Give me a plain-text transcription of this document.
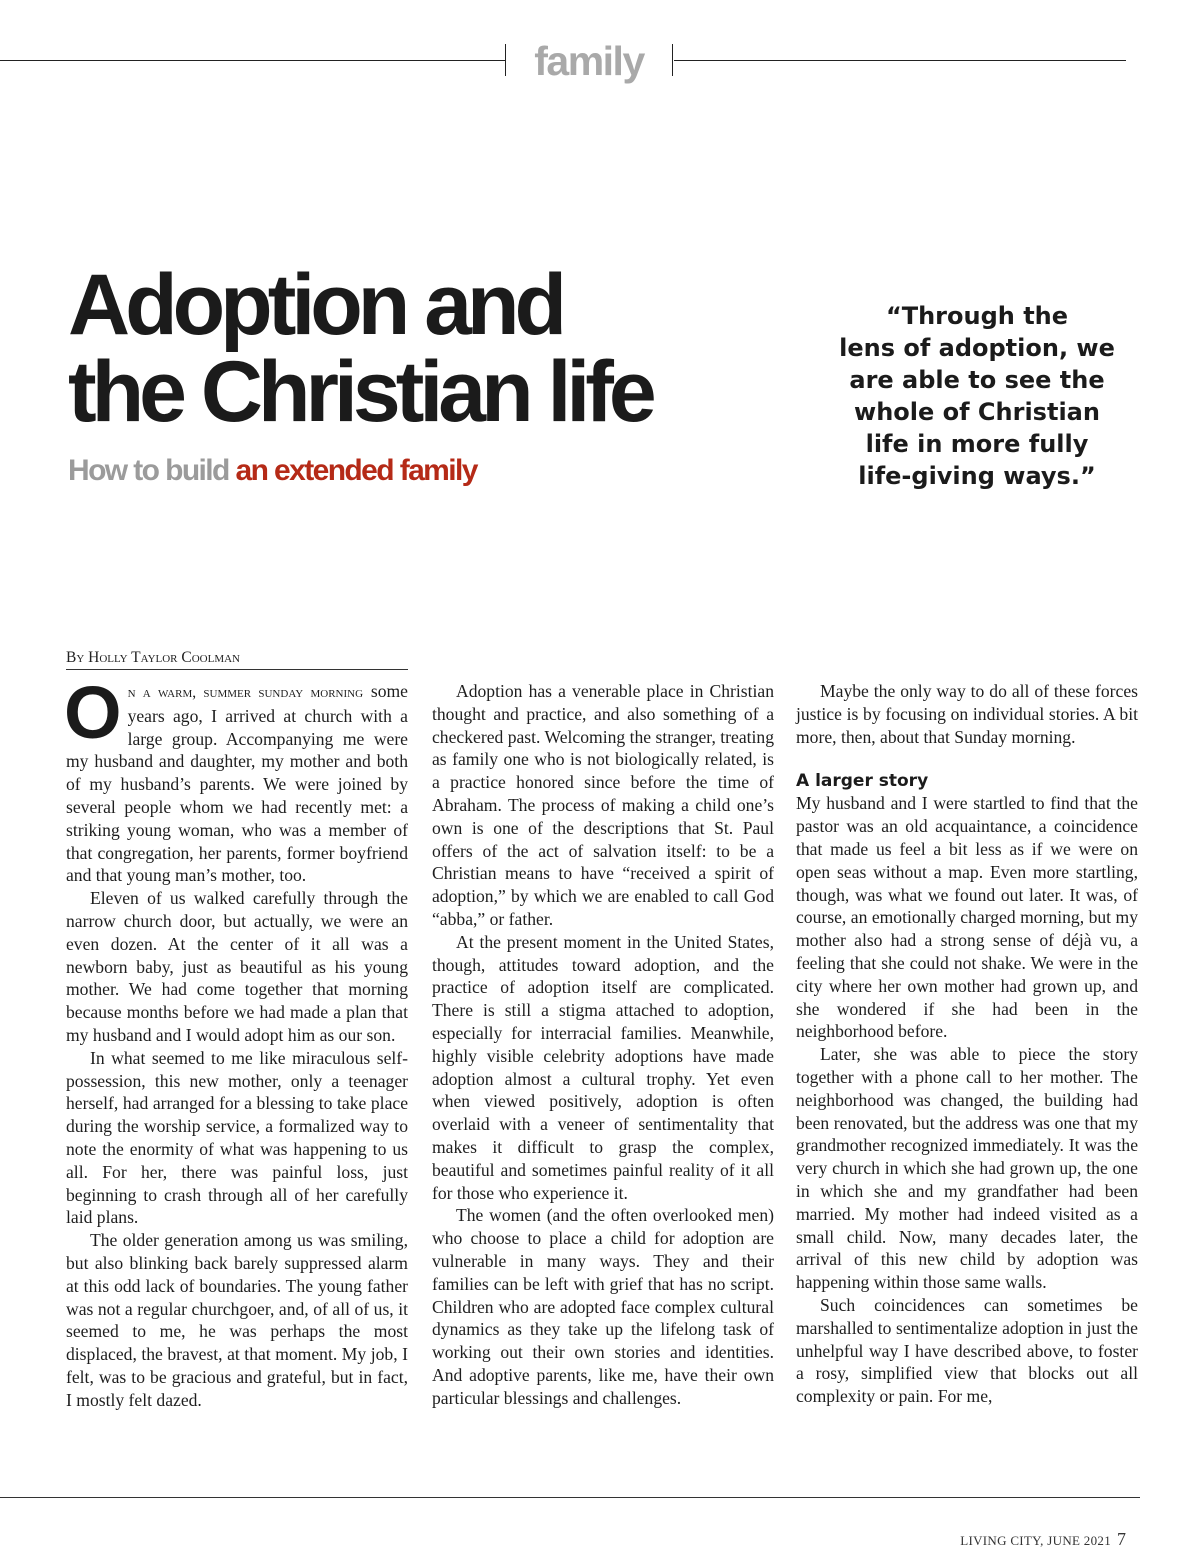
family
Adoption and
the Christian life
How to build an extended family
“Through the
lens of adoption, we
are able to see the
whole of Christian
life in more fully
life-giving ways.”
By Holly Taylor Coolman

On a warm, summer sunday morning some years ago, I arrived at church with a large group. Accompanying me were my husband and daughter, my mother and both of my husband’s parents. We were joined by several people whom we had recently met: a striking young woman, who was a member of that congregation, her parents, former boyfriend and that young man’s mother, too.

Eleven of us walked carefully through the narrow church door, but actually, we were an even dozen. At the center of it all was a newborn baby, just as beautiful as his young mother. We had come together that morning because months before we had made a plan that my husband and I would adopt him as our son.

In what seemed to me like miraculous self-possession, this new mother, only a teenager herself, had arranged for a blessing to take place during the worship service, a formalized way to note the enormity of what was happening to us all. For her, there was painful loss, just beginning to crash through all of her carefully laid plans.

The older generation among us was smiling, but also blinking back barely suppressed alarm at this odd lack of boundaries. The young father was not a regular churchgoer, and, of all of us, it seemed to me, he was perhaps the most displaced, the bravest, at that moment. My job, I felt, was to be gracious and grateful, but in fact, I mostly felt dazed.

Adoption has a venerable place in Christian thought and practice, and also something of a checkered past. Welcoming the stranger, treating as family one who is not biologically related, is a practice honored since before the time of Abraham. The process of making a child one’s own is one of the descriptions that St. Paul offers of the act of salvation itself: to be a Christian means to have “received a spirit of adoption,” by which we are enabled to call God “abba,” or father.

At the present moment in the United States, though, attitudes toward adoption, and the practice of adoption itself are complicated. There is still a stigma attached to adoption, especially for interracial families. Meanwhile, highly visible celebrity adoptions have made adoption almost a cultural trophy. Yet even when viewed positively, adoption is often overlaid with a veneer of sentimentality that makes it difficult to grasp the complex, beautiful and sometimes painful reality of it all for those who experience it.

The women (and the often overlooked men) who choose to place a child for adoption are vulnerable in many ways. They and their families can be left with grief that has no script. Children who are adopted face complex cultural dynamics as they take up the lifelong task of working out their own stories and identities. And adoptive parents, like me, have their own particular blessings and challenges.

Maybe the only way to do all of these forces justice is by focusing on individual stories. A bit more, then, about that Sunday morning.

A larger story

My husband and I were startled to find that the pastor was an old acquaintance, a coincidence that made us feel a bit less as if we were on open seas without a map. Even more startling, though, was what we found out later. It was, of course, an emotionally charged morning, but my mother also had a strong sense of déjà vu, a feeling that she could not shake. We were in the city where her own mother had grown up, and she wondered if she had been in the neighborhood before.

Later, she was able to piece the story together with a phone call to her mother. The neighborhood was changed, the building had been renovated, but the address was one that my grandmother recognized immediately. It was the very church in which she had grown up, the one in which she and my grandfather had been married. My mother had indeed visited as a small child. Now, many decades later, the arrival of this new child by adoption was happening within those same walls.

Such coincidences can sometimes be marshalled to sentimentalize adoption in just the unhelpful way I have described above, to foster a rosy, simplified view that blocks out all complexity or pain. For me,

LIVING CITY, JUNE 2021 7
